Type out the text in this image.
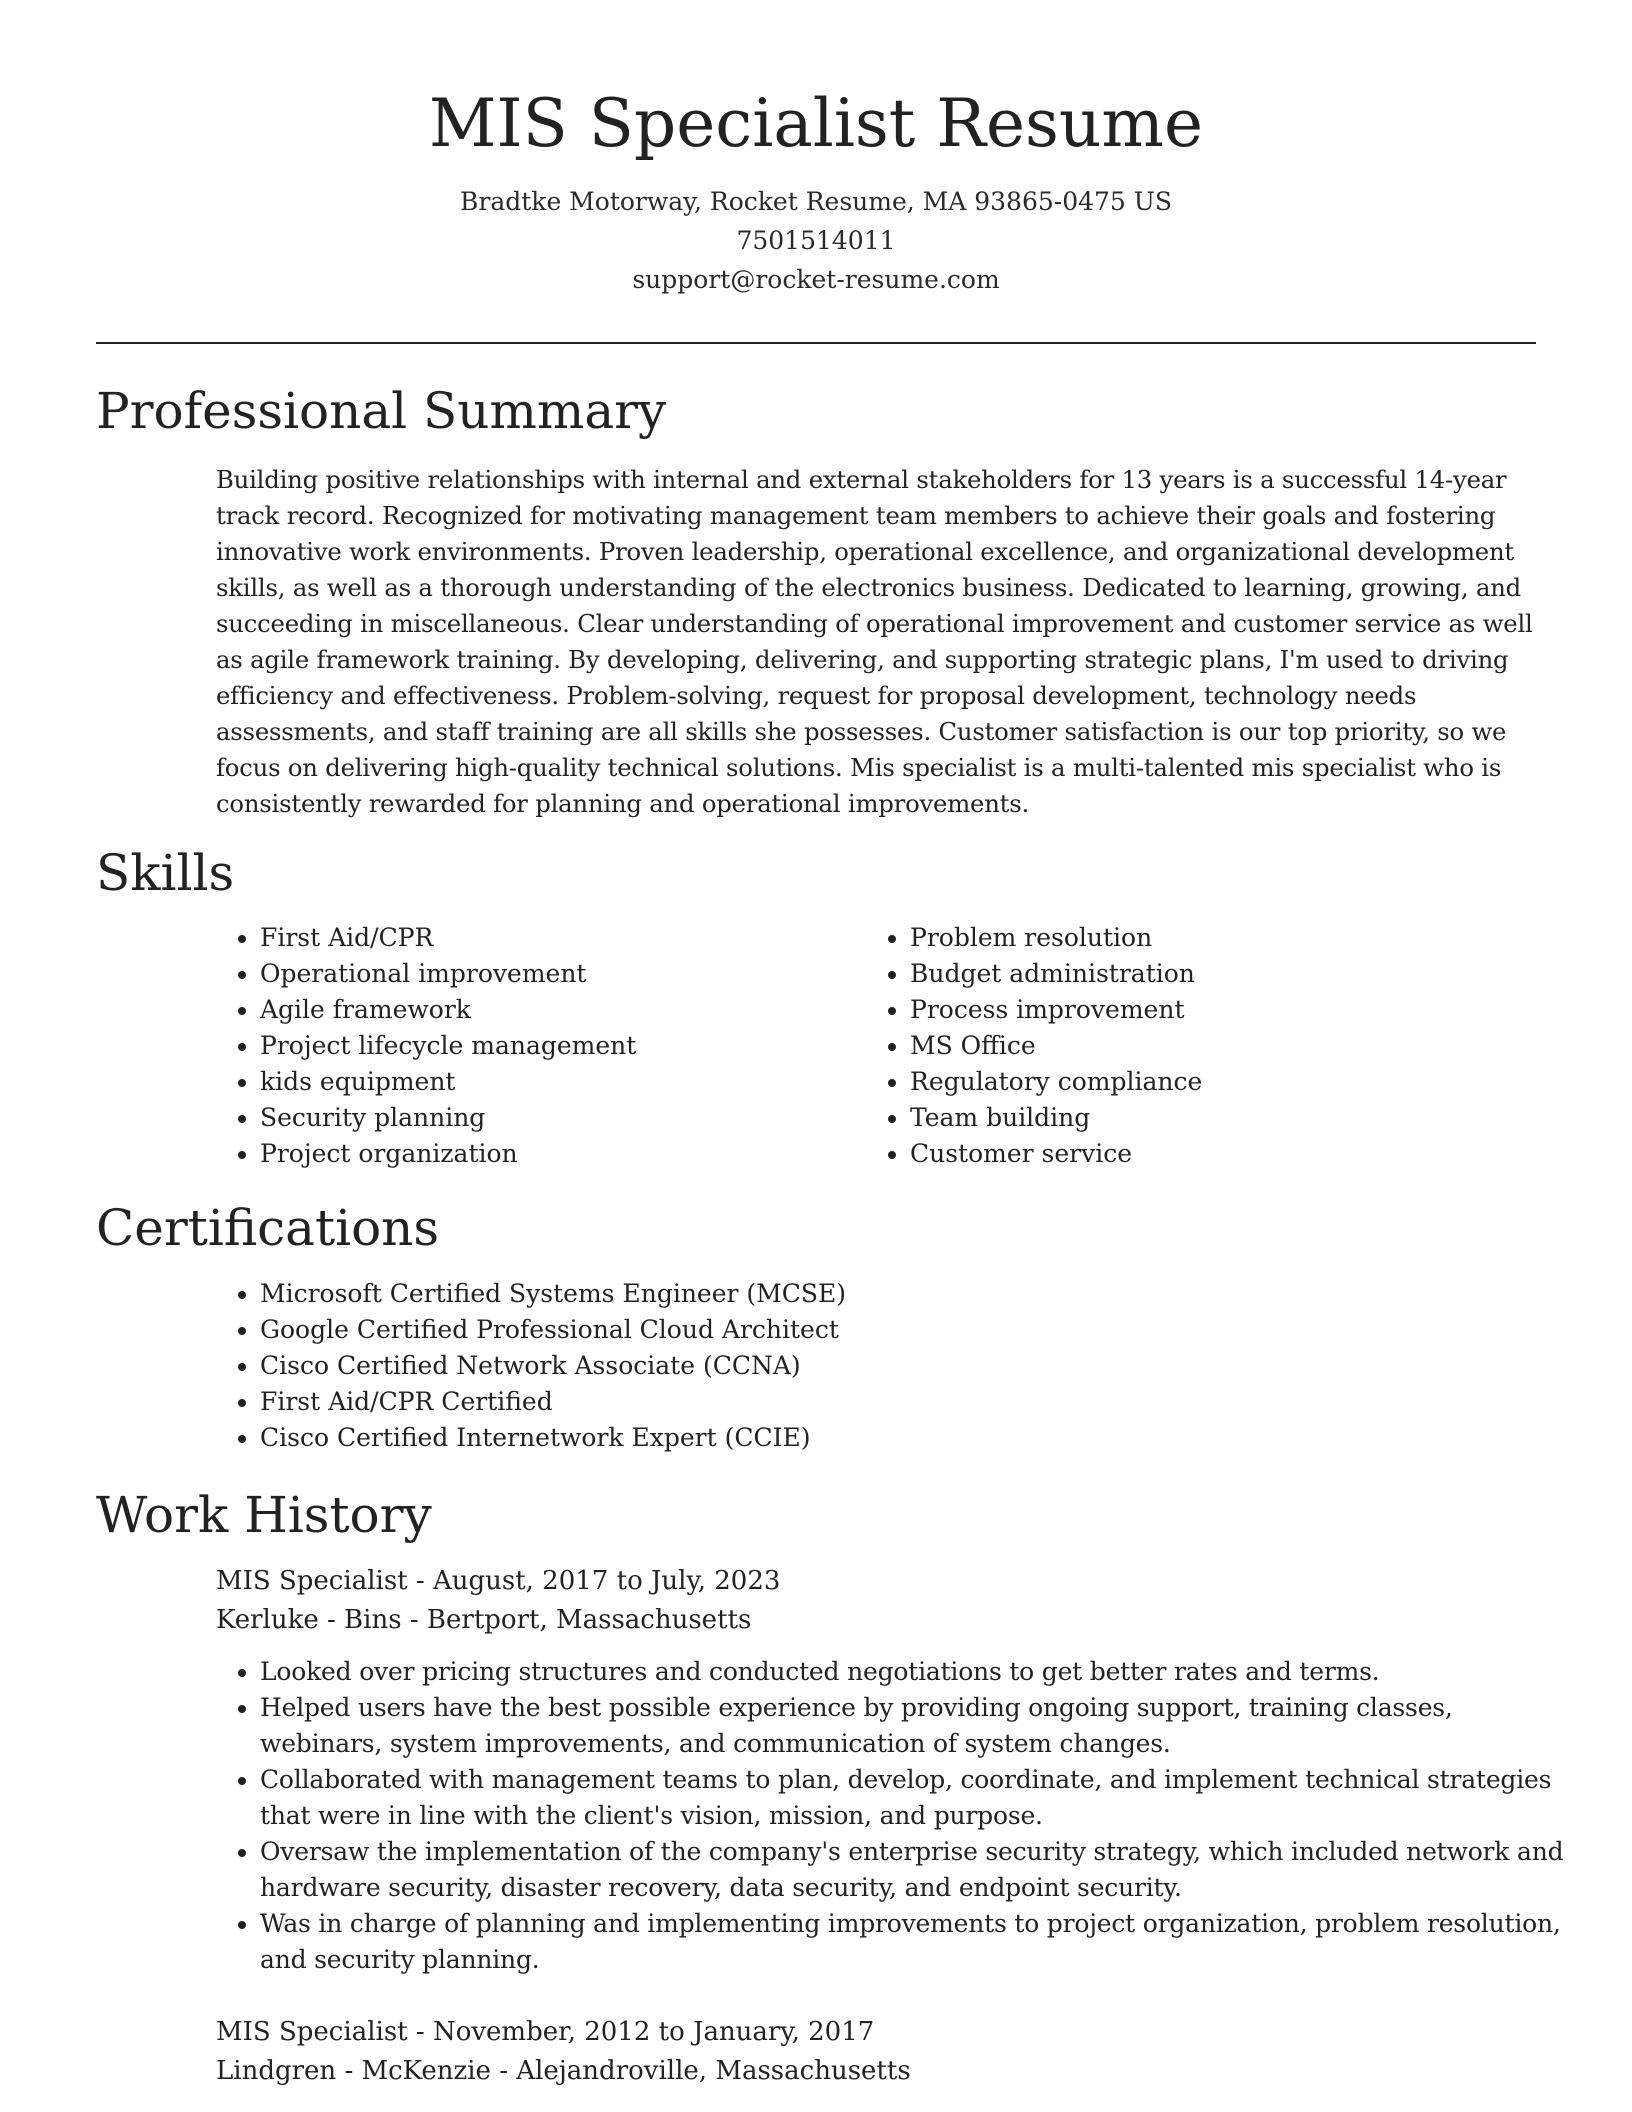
MIS Specialist Resume
Bradtke Motorway, Rocket Resume, MA 93865-0475 US
7501514011
support@rocket-resume.com
Professional Summary

Building positive relationships with internal and external stakeholders for 13 years is a successful 14-year track record. Recognized for motivating management team members to achieve their goals and fostering innovative work environments. Proven leadership, operational excellence, and organizational development skills, as well as a thorough understanding of the electronics business. Dedicated to learning, growing, and succeeding in miscellaneous. Clear understanding of operational improvement and customer service as well as agile framework training. By developing, delivering, and supporting strategic plans, I'm used to driving efficiency and effectiveness. Problem-solving, request for proposal development, technology needs assessments, and staff training are all skills she possesses. Customer satisfaction is our top priority, so we focus on delivering high-quality technical solutions. Mis specialist is a multi-talented mis specialist who is consistently rewarded for planning and operational improvements.

Skills
• First Aid/CPR
• Operational improvement
• Agile framework
• Project lifecycle management
• kids equipment
• Security planning
• Project organization
• Problem resolution
• Budget administration
• Process improvement
• MS Office
• Regulatory compliance
• Team building
• Customer service
Certifications
• Microsoft Certified Systems Engineer (MCSE)
• Google Certified Professional Cloud Architect
• Cisco Certified Network Associate (CCNA)
• First Aid/CPR Certified
• Cisco Certified Internetwork Expert (CCIE)
Work History
MIS Specialist - August, 2017 to July, 2023
Kerluke - Bins - Bertport, Massachusetts
• Looked over pricing structures and conducted negotiations to get better rates and terms.
• Helped users have the best possible experience by providing ongoing support, training classes, webinars, system improvements, and communication of system changes.
• Collaborated with management teams to plan, develop, coordinate, and implement technical strategies that were in line with the client's vision, mission, and purpose.
• Oversaw the implementation of the company's enterprise security strategy, which included network and hardware security, disaster recovery, data security, and endpoint security.
• Was in charge of planning and implementing improvements to project organization, problem resolution, and security planning.
MIS Specialist - November, 2012 to January, 2017
Lindgren - McKenzie - Alejandroville, Massachusetts
